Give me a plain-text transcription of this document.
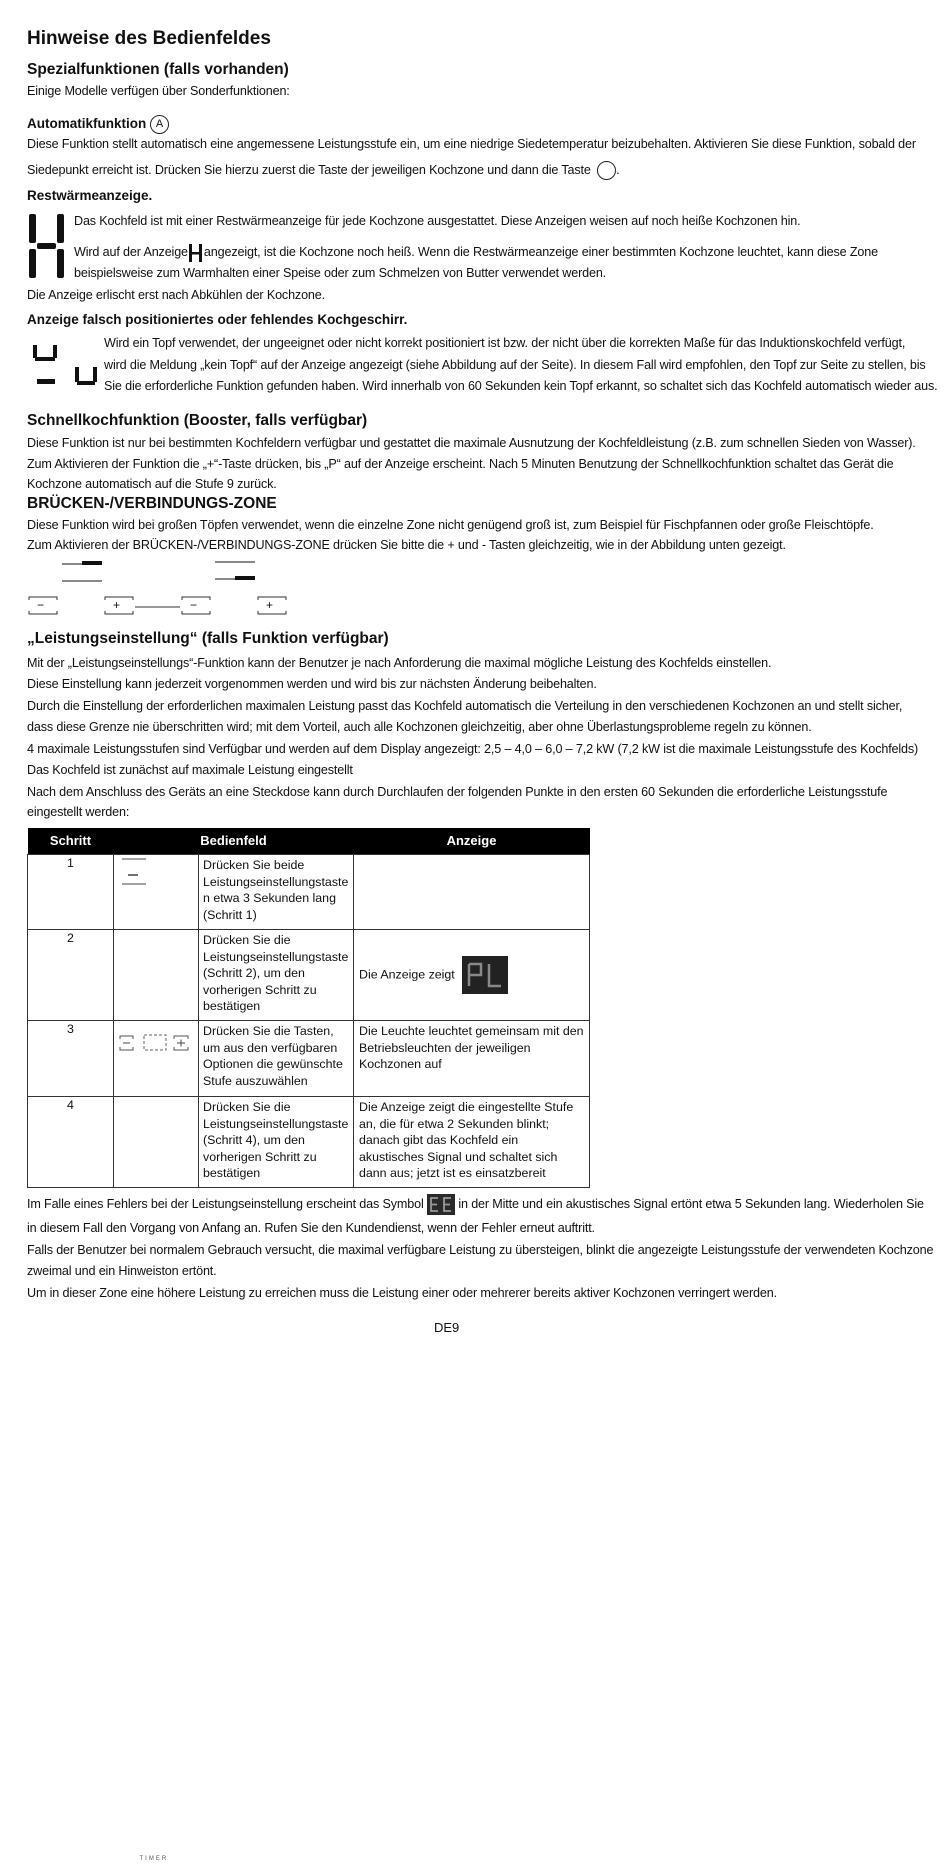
Hinweise des Bedienfeldes
Spezialfunktionen (falls vorhanden)

Einige Modelle verfügen über Sonderfunktionen:

Automatikfunktion A

Diese Funktion stellt automatisch eine angemessene Leistungsstufe ein, um eine niedrige Siedetemperatur beizubehalten. Aktivieren Sie diese Funktion, sobald der

Siedepunkt erreicht ist. Drücken Sie hierzu zuerst die Taste der jeweiligen Kochzone und dann die Taste .

Restwärmeanzeige.

Das Kochfeld ist mit einer Restwärmeanzeige für jede Kochzone ausgestattet. Diese Anzeigen weisen auf noch heiße Kochzonen hin.

Wird auf der Anzeige angezeigt, ist die Kochzone noch heiß. Wenn die Restwärmeanzeige einer bestimmten Kochzone leuchtet, kann diese Zone

beispielsweise zum Warmhalten einer Speise oder zum Schmelzen von Butter verwendet werden.

Die Anzeige erlischt erst nach Abkühlen der Kochzone.

Anzeige falsch positioniertes oder fehlendes Kochgeschirr.

Wird ein Topf verwendet, der ungeeignet oder nicht korrekt positioniert ist bzw. der nicht über die korrekten Maße für das Induktionskochfeld verfügt,

wird die Meldung „kein Topf“ auf der Anzeige angezeigt (siehe Abbildung auf der Seite). In diesem Fall wird empfohlen, den Topf zur Seite zu stellen, bis

Sie die erforderliche Funktion gefunden haben. Wird innerhalb von 60 Sekunden kein Topf erkannt, so schaltet sich das Kochfeld automatisch wieder aus.

Schnellkochfunktion (Booster, falls verfügbar)

Diese Funktion ist nur bei bestimmten Kochfeldern verfügbar und gestattet die maximale Ausnutzung der Kochfeldleistung (z.B. zum schnellen Sieden von Wasser).

Zum Aktivieren der Funktion die „+“-Taste drücken, bis „P“ auf der Anzeige erscheint. Nach 5 Minuten Benutzung der Schnellkochfunktion schaltet das Gerät die

Kochzone automatisch auf die Stufe 9 zurück.

BRÜCKEN-/VERBINDUNGS-ZONE

Diese Funktion wird bei großen Töpfen verwendet, wenn die einzelne Zone nicht genügend groß ist, zum Beispiel für Fischpfannen oder große Fleischtöpfe.

Zum Aktivieren der BRÜCKEN-/VERBINDUNGS-ZONE drücken Sie bitte die + und - Tasten gleichzeitig, wie in der Abbildung unten gezeigt.

−	+	−	+
„Leistungseinstellung“ (falls Funktion verfügbar)

Mit der „Leistungseinstellungs“-Funktion kann der Benutzer je nach Anforderung die maximal mögliche Leistung des Kochfelds einstellen.

Diese Einstellung kann jederzeit vorgenommen werden und wird bis zur nächsten Änderung beibehalten.

Durch die Einstellung der erforderlichen maximalen Leistung passt das Kochfeld automatisch die Verteilung in den verschiedenen Kochzonen an und stellt sicher,

dass diese Grenze nie überschritten wird; mit dem Vorteil, auch alle Kochzonen gleichzeitig, aber ohne Überlastungsprobleme regeln zu können.

4 maximale Leistungsstufen sind Verfügbar und werden auf dem Display angezeigt: 2,5 – 4,0 – 6,0 – 7,2 kW (7,2 kW ist die maximale Leistungsstufe des Kochfelds)

Das Kochfeld ist zunächst auf maximale Leistung eingestellt

Nach dem Anschluss des Geräts an eine Steckdose kann durch Durchlaufen der folgenden Punkte in den ersten 60 Sekunden die erforderliche Leistungsstufe

eingestellt werden:

Schritt	Bedienfeld		Anzeige
1		Drücken Sie beide Leistungseinstellungstaste n etwa 3 Sekunden lang (Schritt 1)	
2		Drücken Sie die Leistungseinstellungstaste (Schritt 2), um den vorherigen Schritt zu bestätigen	Die Anzeige zeigt

3	TIMER	Drücken Sie die Tasten, um aus den verfügbaren Optionen die gewünschte Stufe auszuwählen	Die Leuchte leuchtet gemeinsam mit den Betriebsleuchten der jeweiligen Kochzonen auf
4		Drücken Sie die Leistungseinstellungstaste (Schritt 4), um den vorherigen Schritt zu bestätigen	Die Anzeige zeigt die eingestellte Stufe an, die für etwa 2 Sekunden blinkt; danach gibt das Kochfeld ein akustisches Signal und schaltet sich dann aus; jetzt ist es einsatzbereit

Im Falle eines Fehlers bei der Leistungseinstellung erscheint das Symbol	in der Mitte und ein akustisches Signal ertönt etwa 5 Sekunden lang. Wiederholen Sie

in diesem Fall den Vorgang von Anfang an. Rufen Sie den Kundendienst, wenn der Fehler erneut auftritt.

Falls der Benutzer bei normalem Gebrauch versucht, die maximal verfügbare Leistung zu übersteigen, blinkt die angezeigte Leistungsstufe der verwendeten Kochzone

zweimal und ein Hinweiston ertönt.

Um in dieser Zone eine höhere Leistung zu erreichen muss die Leistung einer oder mehrerer bereits aktiver Kochzonen verringert werden.

DE9
